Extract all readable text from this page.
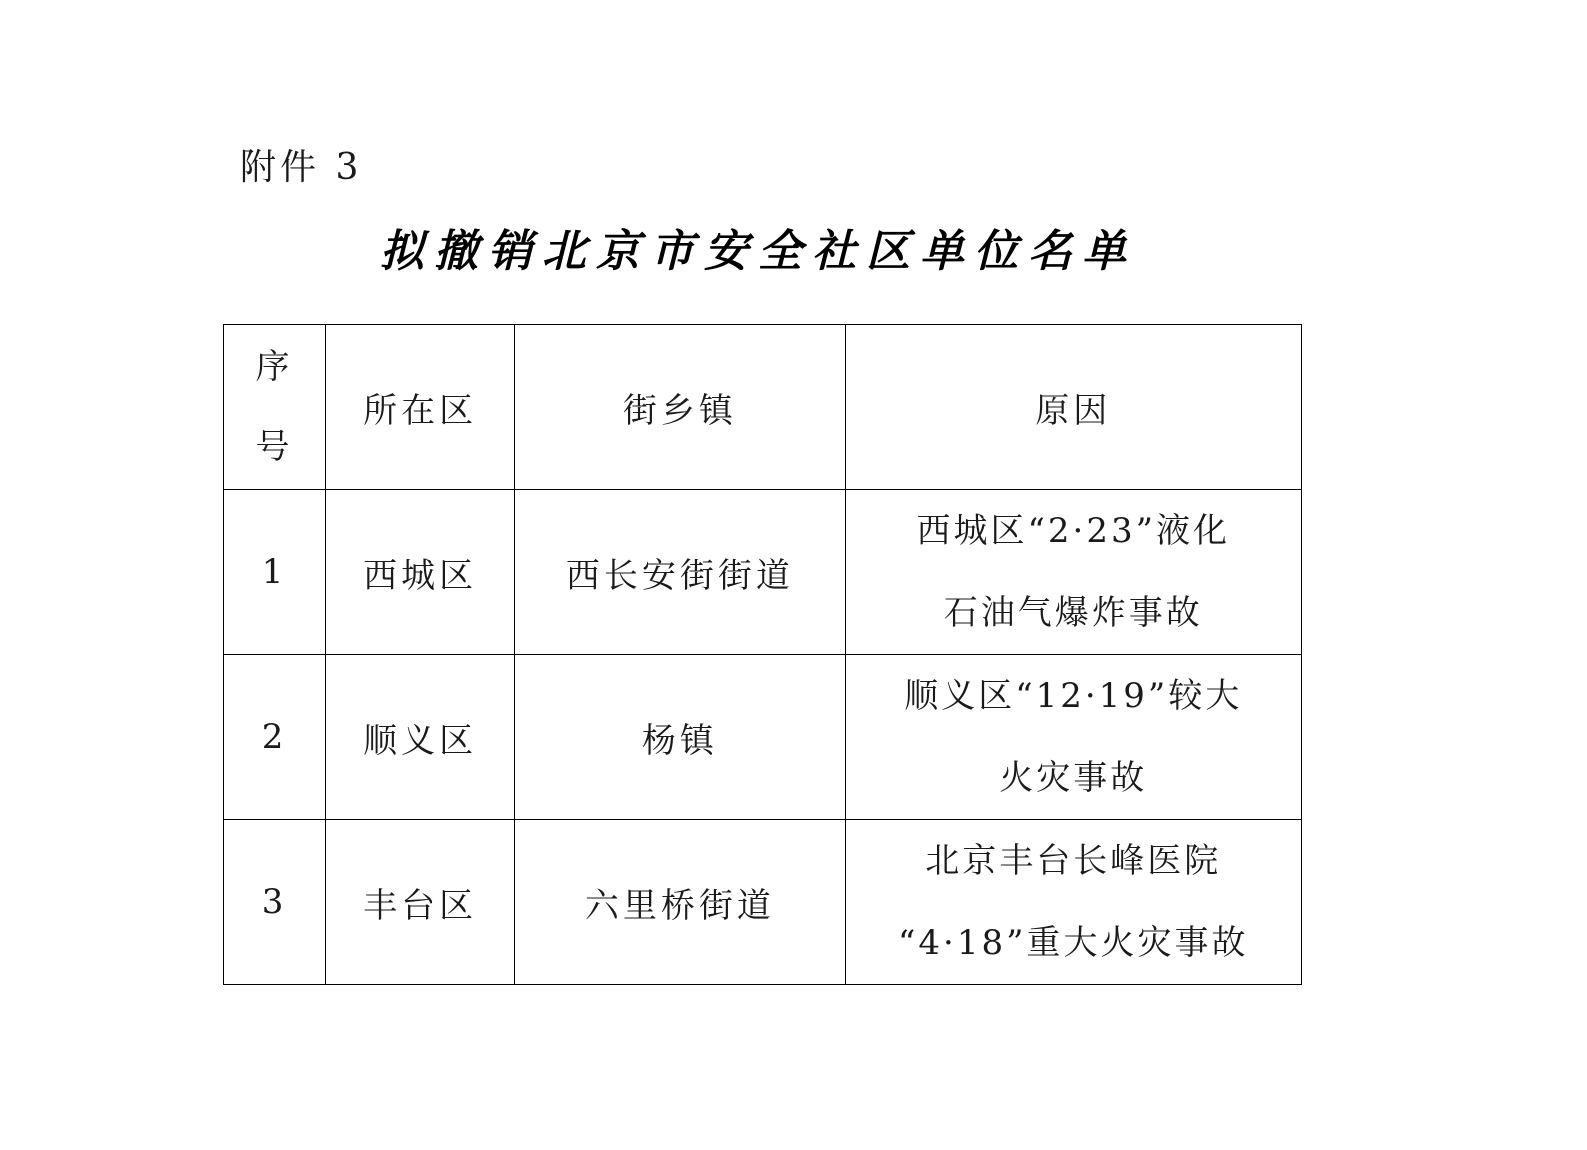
附件 3
拟撤销北京市安全社区单位名单
序
号	所在区	街乡镇	原因
1	西城区	西长安街街道	西城区“2·23”液化
石油气爆炸事故

2	顺义区	杨镇	顺义区“12·19”较大
火灾事故

3	丰台区	六里桥街道	北京丰台长峰医院
“4·18”重大火灾事故
